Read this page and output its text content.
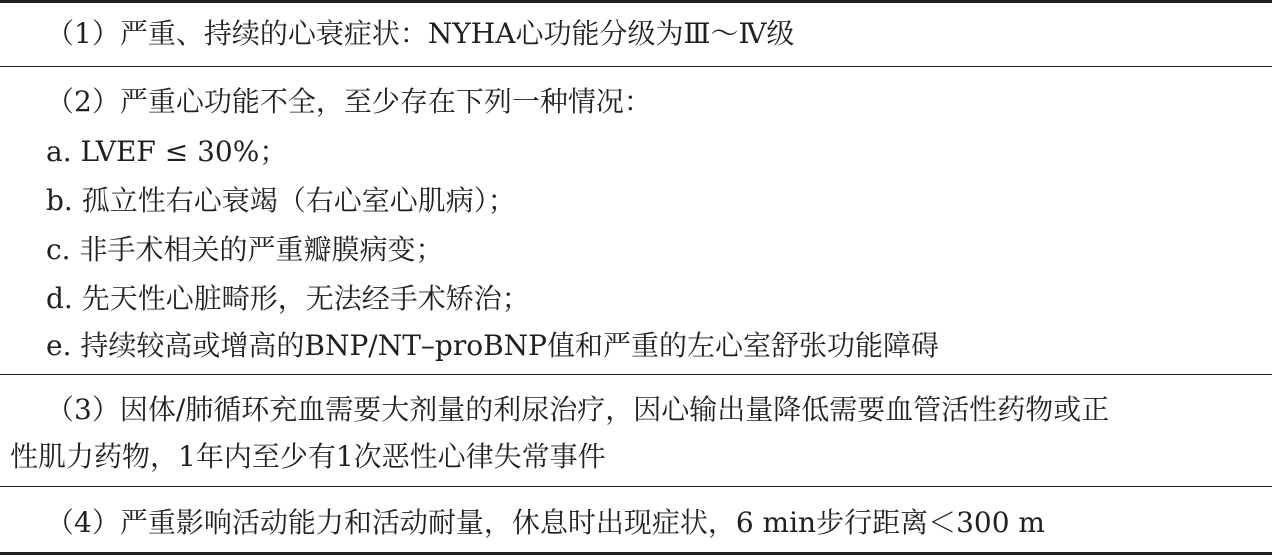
（1）严重、持续的心衰症状：NYHA心功能分级为Ⅲ～Ⅳ级
（2）严重心功能不全，至少存在下列一种情况：
a. LVEF ≤ 30%；
b. 孤立性右心衰竭（右心室心肌病）；
c. 非手术相关的严重瓣膜病变；
d. 先天性心脏畸形，无法经手术矫治；
e. 持续较高或增高的BNP/NT–proBNP值和严重的左心室舒张功能障碍
（3）因体/肺循环充血需要大剂量的利尿治疗，因心输出量降低需要血管活性药物或正
性肌力药物，1年内至少有1次恶性心律失常事件
（4）严重影响活动能力和活动耐量，休息时出现症状，6 min步行距离＜300 m
